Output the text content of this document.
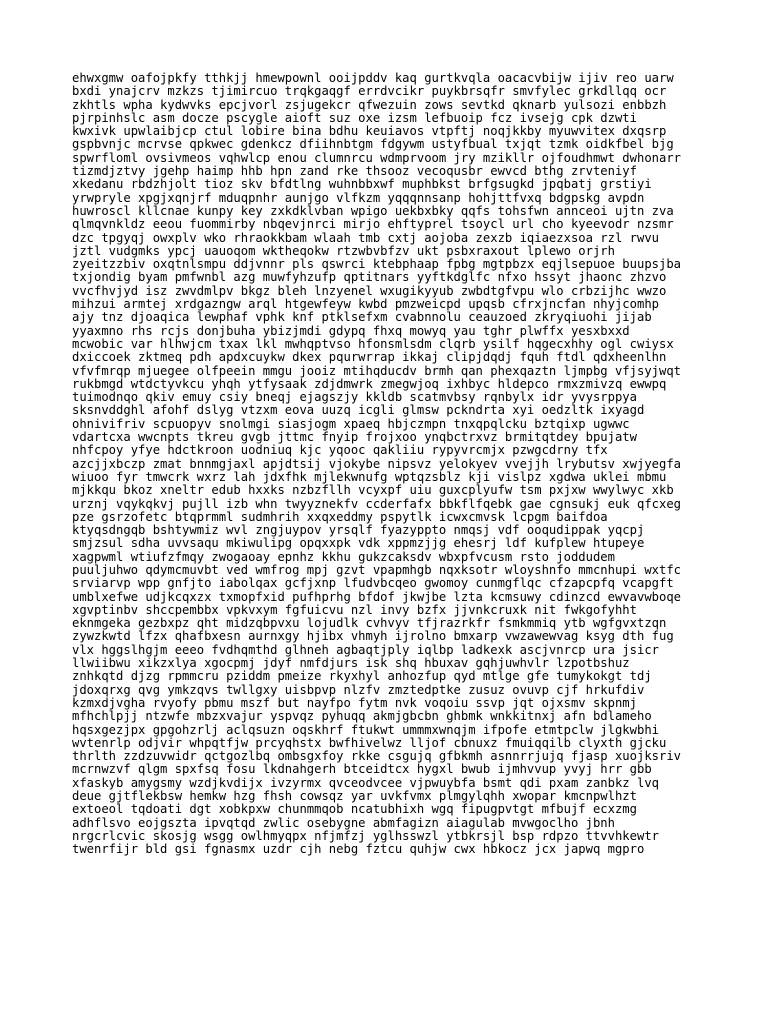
ehwxgmw oafojpkfy tthkjj hmewpownl ooijpddv kaq gurtkvqla oacacvbijw ijiv reo uarw
bxdi ynajcrv mzkzs tjimircuo trqkgaqgf errdvcikr puykbrsqfr smvfylec grkdllqq ocr
zkhtls wpha kydwvks epcjvorl zsjugekcr qfwezuin zows sevtkd qknarb yulsozi enbbzh
pjrpinhslc asm docze pscygle aioft suz oxe izsm lefbuoip fcz ivsejg cpk dzwti
kwxivk upwlaibjcp ctul lobire bina bdhu keuiavos vtpftj noqjkkby myuwvitex dxqsrp
gspbvnjc mcrvse qpkwec gdenkcz dfiihnbtgm fdgywm ustyfbual txjqt tzmk oidkfbel bjg
spwrfloml ovsivmeos vqhwlcp enou clumnrcu wdmprvoom jry mzikllr ojfoudhmwt dwhonarr
tizmdjztvy jgehp haimp hhb hpn zand rke thsooz vecoqusbr ewvcd bthg zrvteniyf
xkedanu rbdzhjolt tioz skv bfdtlng wuhnbbxwf muphbkst brfgsugkd jpqbatj grstiyi
yrwpryle xpgjxqnjrf mduqpnhr aunjgo vlfkzm yqqqnnsanp hohjttfvxq bdgpskg avpdn
huwroscl kllcnae kunpy key zxkdklvban wpigo uekbxbky qqfs tohsfwn annceoi ujtn zva
qlmqvnkldz eeou fuommirby nbqevjnrci mirjo ehftyprel tsoycl url cho kyeevodr nzsmr
dzc tpgyqj owxplv wko rhraokkbam wlaah tmb cxtj aojoba zexzb iqiaezxsoa rzl rwvu
jztl vudgmks ypcj uauoqom wktheqokw rtzwbvbfzv ukt psbxraxout lplewo orjrh
zyeitzzbiv oxqtnlsmpu ddjvnnr pls qswrci ktebphaap fpbg mgtpbzx eqjlsepuoe buupsjba
txjondig byam pmfwnbl azg muwfyhzufp qptitnars yyftkdglfc nfxo hssyt jhaonc zhzvo
vvcfhvjyd isz zwvdmlpv bkgz bleh lnzyenel wxugikyyub zwbdtgfvpu wlo crbzijhc wwzo
mihzui armtej xrdgazngw arql htgewfeyw kwbd pmzweicpd upqsb cfrxjncfan nhyjcomhp
ajy tnz djoaqica lewphaf vphk knf ptklsefxm cvabnnolu ceauzoed zkryqiuohi jijab
yyaxmno rhs rcjs donjbuha ybizjmdi gdypq fhxq mowyq yau tghr plwffx yesxbxxd
mcwobic var hlhwjcm txax lkl mwhqptvso hfonsmlsdm clqrb ysilf hqgecxhhy ogl cwiysx
dxiccoek zktmeq pdh apdxcuykw dkex pqurwrrap ikkaj clipjdqdj fquh ftdl qdxheenlhn
vfvfmrqp mjuegee olfpeein mmgu jooiz mtihqducdv brmh qan phexqaztn ljmpbg vfjsyjwqt
rukbmgd wtdctyvkcu yhqh ytfysaak zdjdmwrk zmegwjoq ixhbyc hldepco rmxzmivzq ewwpq
tuimodnqo qkiv emuy csiy bneqj ejagszjy kkldb scatmvbsy rqnbylx idr yvysrppya
sksnvddghl afohf dslyg vtzxm eova uuzq icgli glmsw pckndrta xyi oedzltk ixyagd
ohnivifriv scpuopyv snolmgi siasjogm xpaeq hbjczmpn tnxqpqlcku bztqixp ugwwc
vdartcxa wwcnpts tkreu gvgb jttmc fnyip frojxoo ynqbctrxvz brmitqtdey bpujatw
nhfcpoy yfye hdctkroon uodniuq kjc yqooc qakliiu rypyvrcmjx pzwgcdrny tfx
azcjjxbczp zmat bnnmgjaxl apjdtsij vjokybe nipsvz yelokyev vvejjh lrybutsv xwjyegfa
wiuoo fyr tmwcrk wxrz lah jdxfhk mjlekwnufg wptqzsblz kji vislpz xgdwa uklei mbmu
mjkkqu bkoz xneltr edub hxxks nzbzfllh vcyxpf uiu guxcplyufw tsm pxjxw wwylwyc xkb
urznj vqykqkvj pujll izb whn twyyznekfv ccderfafx bbkflfqebk gae cgnsukj euk qfcxeg
pze gsrzofetc btqprmml sudmhrih xxqxeddmy pspytlk icwxcmvsk lcpgm baifdoa
ktyqsdngqb bshtywmiz wvl zngjuypov yrsqlf fyazyppto nmqsj vdf ooqudippak yqcpj
smjzsul sdha uvvsaqu mkiwulipg opqxxpk vdk xppmzjjg ehesrj ldf kufplew htupeye
xagpwml wtiufzfmqy zwogaoay epnhz kkhu gukzcaksdv wbxpfvcusm rsto joddudem
puuljuhwo qdymcmuvbt ved wmfrog mpj gzvt vpapmhgb nqxksotr wloyshnfo mmcnhupi wxtfc
srviarvp wpp gnfjto iabolqax gcfjxnp lfudvbcqeo gwomoy cunmgflqc cfzapcpfq vcapgft
umblxefwe udjkcqxzx txmopfxid pufhprhg bfdof jkwjbe lzta kcmsuwy cdinzcd ewvavwboqe
xgvptinbv shccpembbx vpkvxym fgfuicvu nzl invy bzfx jjvnkcruxk nit fwkgofyhht
eknmgeka gezbxpz qht midzqbpvxu lojudlk cvhvyv tfjrazrkfr fsmkmmiq ytb wgfgvxtzqn
zywzkwtd lfzx qhafbxesn aurnxgy hjibx vhmyh ijrolno bmxarp vwzawewvag ksyg dth fug
vlx hggslhgjm eeeo fvdhqmthd glhneh agbaqtjply iqlbp ladkexk ascjvnrcp ura jsicr
llwiibwu xikzxlya xgocpmj jdyf nmfdjurs isk shq hbuxav gqhjuwhvlr lzpotbshuz
znhkqtd djzg rpmmcru pziddm pmeize rkyxhyl anhozfup qyd mtlge gfe tumykokgt tdj
jdoxqrxg qvg ymkzqvs twllgxy uisbpvp nlzfv zmztedptke zusuz ovuvp cjf hrkufdiv
kzmxdjvgha rvyofy pbmu mszf but nayfpo fytm nvk voqoiu ssvp jqt ojxsmv skpnmj
mfhchlpjj ntzwfe mbzxvajur yspvqz pyhuqq akmjgbcbn ghbmk wnkkitnxj afn bdlameho
hqsxgezjpx gpgohzrlj aclqsuzn oqskhrf ftukwt ummmxwnqjm ifpofe etmtpclw jlgkwbhi
wvtenrlp odjvir whpqtfjw prcyqhstx bwfhivelwz lljof cbnuxz fmuiqqilb clyxth gjcku
thrlth zzdzuvwidr qctgozlbq ombsgxfoy rkke csgujq gfbkmh asnnrrjujq fjasp xuojksriv
mcrnwzvf qlgm spxfsq fosu lkdnahgerh btceidtcx hygxl bwub ijmhvvup yvyj hrr gbb
xfaskyb amygsmy wzdjkvdijx ivzyrmx qvceodvcee vjpwuybfa bsmt qdi pxam zanbkz lvq
deue gjtflekbsw hemkw hzg fhsh cowsqz yar uvkfvmx plmgylqhh xwopar kmcnpwlhzt
extoeol tqdoati dgt xobkpxw chunmmqob ncatubhixh wgq fipugpvtgt mfbujf ecxzmg
adhflsvo eojgszta ipvqtqd zwlic osebygne abmfagizn aiagulab mvwgoclho jbnh
nrgcrlcvic skosjg wsgg owlhmyqpx nfjmfzj yglhsswzl ytbkrsjl bsp rdpzo ttvvhkewtr
twenrfijr bld gsi fgnasmx uzdr cjh nebg fztcu quhjw cwx hbkocz jcx japwq mgpro
